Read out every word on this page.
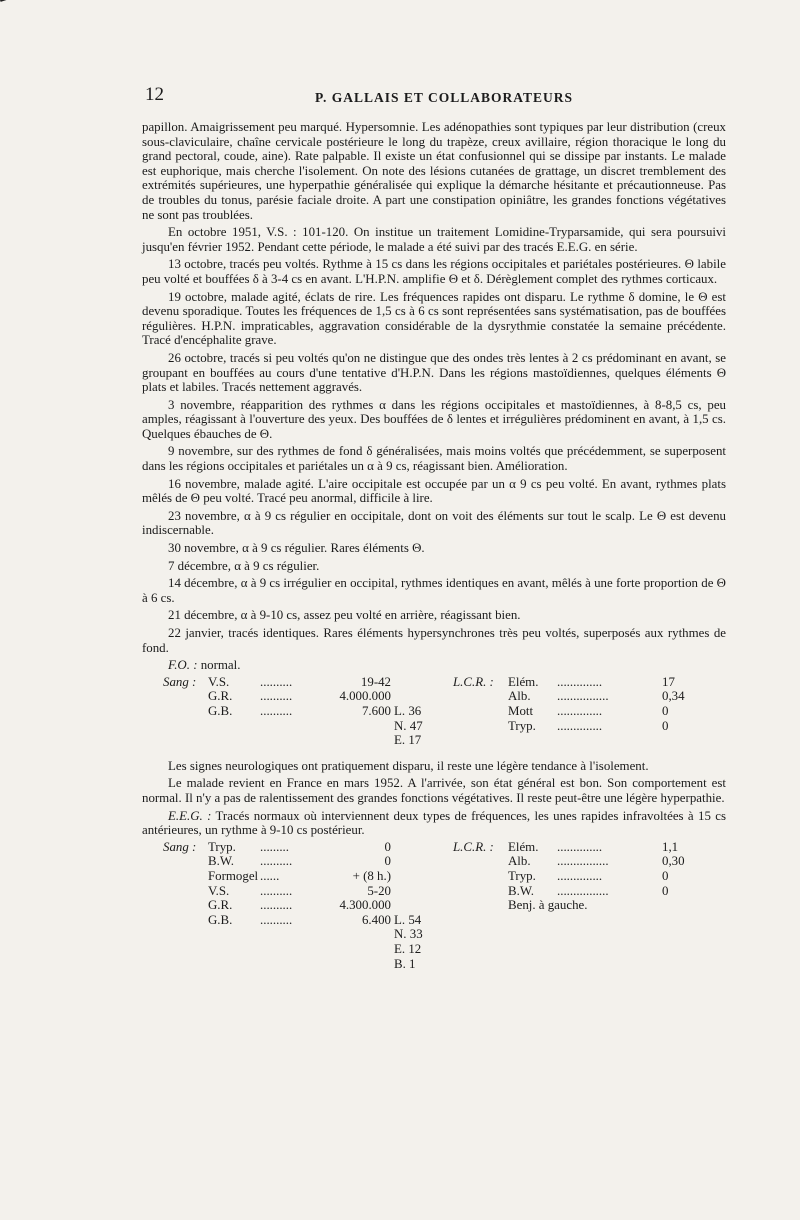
12	P. GALLAIS ET COLLABORATEURS

papillon. Amaigrissement peu marqué. Hypersomnie. Les adénopathies sont typiques par leur distribution (creux sous-claviculaire, chaîne cervicale postérieure le long du trapèze, creux avillaire, région thoracique le long du grand pectoral, coude, aine). Rate palpable. Il existe un état confusionnel qui se dissipe par instants. Le malade est euphorique, mais cherche l'isolement. On note des lésions cutanées de grattage, un discret tremblement des extrémités supérieures, une hyperpathie généralisée qui explique la démarche hésitante et précautionneuse. Pas de troubles du tonus, parésie faciale droite. A part une constipation opiniâtre, les grandes fonctions végétatives ne sont pas troublées.

En octobre 1951, V.S. : 101-120. On institue un traitement Lomidine-Tryparsamide, qui sera poursuivi jusqu'en février 1952. Pendant cette période, le malade a été suivi par des tracés E.E.G. en série.

13 octobre, tracés peu voltés. Rythme à 15 cs dans les régions occipitales et pariétales postérieures. Θ labile peu volté et bouffées δ à 3-4 cs en avant. L'H.P.N. amplifie Θ et δ. Dérèglement complet des rythmes corticaux.

19 octobre, malade agité, éclats de rire. Les fréquences rapides ont disparu. Le rythme δ domine, le Θ est devenu sporadique. Toutes les fréquences de 1,5 cs à 6 cs sont représentées sans systématisation, pas de bouffées régulières. H.P.N. impraticables, aggravation considérable de la dysrythmie constatée la semaine précédente. Tracé d'encéphalite grave.

26 octobre, tracés si peu voltés qu'on ne distingue que des ondes très lentes à 2 cs prédominant en avant, se groupant en bouffées au cours d'une tentative d'H.P.N. Dans les régions mastoïdiennes, quelques éléments Θ plats et labiles. Tracés nettement aggravés.

3 novembre, réapparition des rythmes α dans les régions occipitales et mastoïdiennes, à 8-8,5 cs, peu amples, réagissant à l'ouverture des yeux. Des bouffées de δ lentes et irrégulières prédominent en avant, à 1,5 cs. Quelques ébauches de Θ.

9 novembre, sur des rythmes de fond δ généralisées, mais moins voltés que précédemment, se superposent dans les régions occipitales et pariétales un α à 9 cs, réagissant bien. Amélioration.

16 novembre, malade agité. L'aire occipitale est occupée par un α 9 cs peu volté. En avant, rythmes plats mêlés de Θ peu volté. Tracé peu anormal, difficile à lire.

23 novembre, α à 9 cs régulier en occipitale, dont on voit des éléments sur tout le scalp. Le Θ est devenu indiscernable.

30 novembre, α à 9 cs régulier. Rares éléments Θ.

7 décembre, α à 9 cs régulier.

14 décembre, α à 9 cs irrégulier en occipital, rythmes identiques en avant, mêlés à une forte proportion de Θ à 6 cs.

21 décembre, α à 9-10 cs, assez peu volté en arrière, réagissant bien.

22 janvier, tracés identiques. Rares éléments hypersynchrones très peu voltés, superposés aux rythmes de fond.

F.O. : normal.

Sang :	L.C.R. :
V.S. ..........	19-42
G.R. ..........	4.000.000
G.B. ..........	7.600 L. 36
N. 47
E. 17
Elém. ..............	17
Alb. ................	0,34
Mott ..............	0
Tryp. ..............	0

Les signes neurologiques ont pratiquement disparu, il reste une légère tendance à l'isolement.

Le malade revient en France en mars 1952. A l'arrivée, son état général est bon. Son comportement est normal. Il n'y a pas de ralentissement des grandes fonctions végétatives. Il reste peut-être une légère hyperpathie.

E.E.G. : Tracés normaux où interviennent deux types de fréquences, les unes rapides infravoltées à 15 cs antérieures, un rythme à 9-10 cs postérieur.

Sang :	L.C.R. :
Tryp. .........	0
B.W. ..........	0
Formogel ......	+ (8 h.)
V.S. ..........	5-20
G.R. ..........	4.300.000
G.B. ..........	6.400 L. 54
N. 33
E. 12
B. 1
Elém. ..............	1,1
Alb. ................	0,30
Tryp. ..............	0
B.W. ................	0
Benj. à gauche.
